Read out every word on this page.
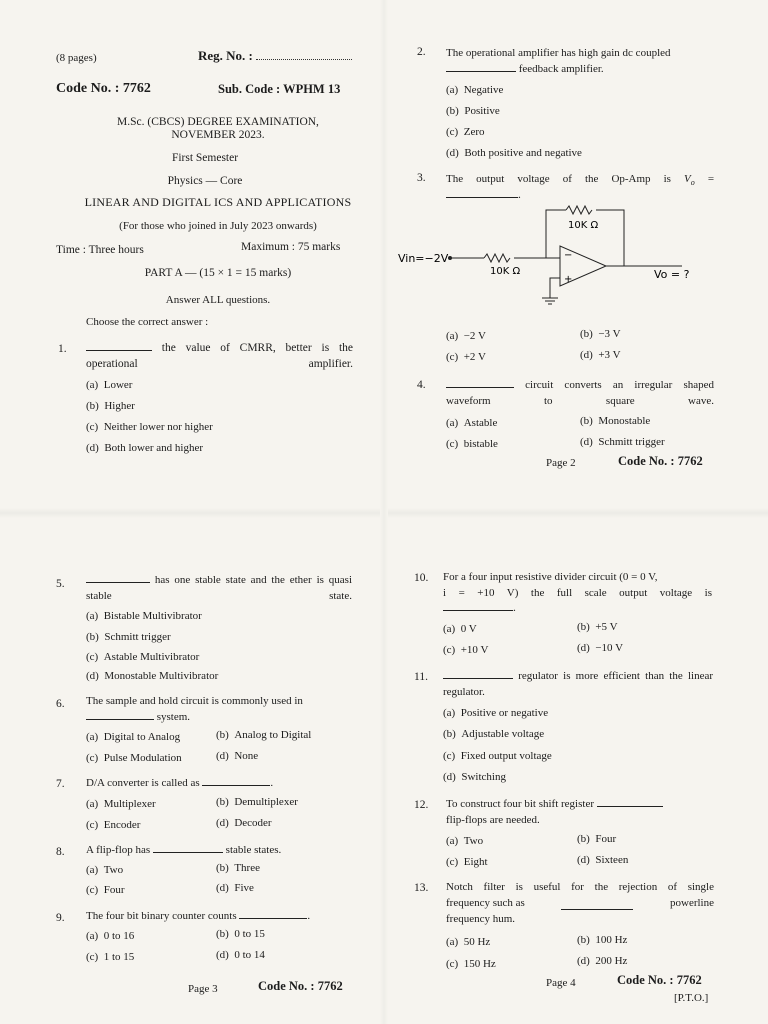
(8 pages)	Reg. No. :
Code No. : 7762	Sub. Code : WPHM 13
M.Sc. (CBCS) DEGREE EXAMINATION,
NOVEMBER 2023.
First Semester
Physics — Core
LINEAR AND DIGITAL ICS AND APPLICATIONS
(For those who joined in July 2023 onwards)
Time : Three hours	Maximum : 75 marks
PART A — (15 × 1 = 15 marks)
Answer ALL questions.
Choose the correct answer :
1.	the value of CMRR, better is the operational amplifier.
(a) Lower
(b) Higher
(c) Neither lower nor higher
(d) Both lower and higher
2. The operational amplifier has high gain dc coupled
feedback amplifier.
(a) Negative
(b) Positive
(c) Zero
(d) Both positive and negative
3. The output voltage of the Op-Amp is $V_o$ =
.
Vin=−2V
10K Ω
10K Ω
−
+	Vo = ?
(a) −2 V	(b) −3 V
(c) +2 V	(d) +3 V
4.	circuit converts an irregular shaped waveform to square wave.
(a) Astable	(b) Monostable
(c) bistable	(d) Schmitt trigger
Page 2	Code No. : 7762
5.	has one stable state and the ether is quasi stable state.
(a) Bistable Multivibrator
(b) Schmitt trigger
(c) Astable Multivibrator
(d) Monostable Multivibrator
6. The sample and hold circuit is commonly used in
system.
(a) Digital to Analog	(b) Analog to Digital
(c) Pulse Modulation	(d) None
7. D/A converter is called as	.
(a) Multiplexer	(b) Demultiplexer
(c) Encoder	(d) Decoder
8. A flip-flop has	stable states.
(a) Two	(b) Three
(c) Four	(d) Five
9. The four bit binary counter counts	.
(a) 0 to 16	(b) 0 to 15
(c) 1 to 15	(d) 0 to 14
Page 3	Code No. : 7762
10. For a four input resistive divider circuit (0 = 0 V,
i = +10 V) the full scale output voltage is
.
(a) 0 V	(b) +5 V
(c) +10 V	(d) −10 V
11.	regulator is more efficient than the linear regulator.
(a) Positive or negative
(b) Adjustable voltage
(c) Fixed output voltage
(d) Switching
12. To construct four bit shift register
flip-flops are needed.
(a) Two	(b) Four
(c) Eight	(d) Sixteen
13. Notch filter is useful for the rejection of single
frequency such as	powerline
frequency hum.
(a) 50 Hz	(b) 100 Hz
(c) 150 Hz	(d) 200 Hz
Page 4	Code No. : 7762
[P.T.O.]
